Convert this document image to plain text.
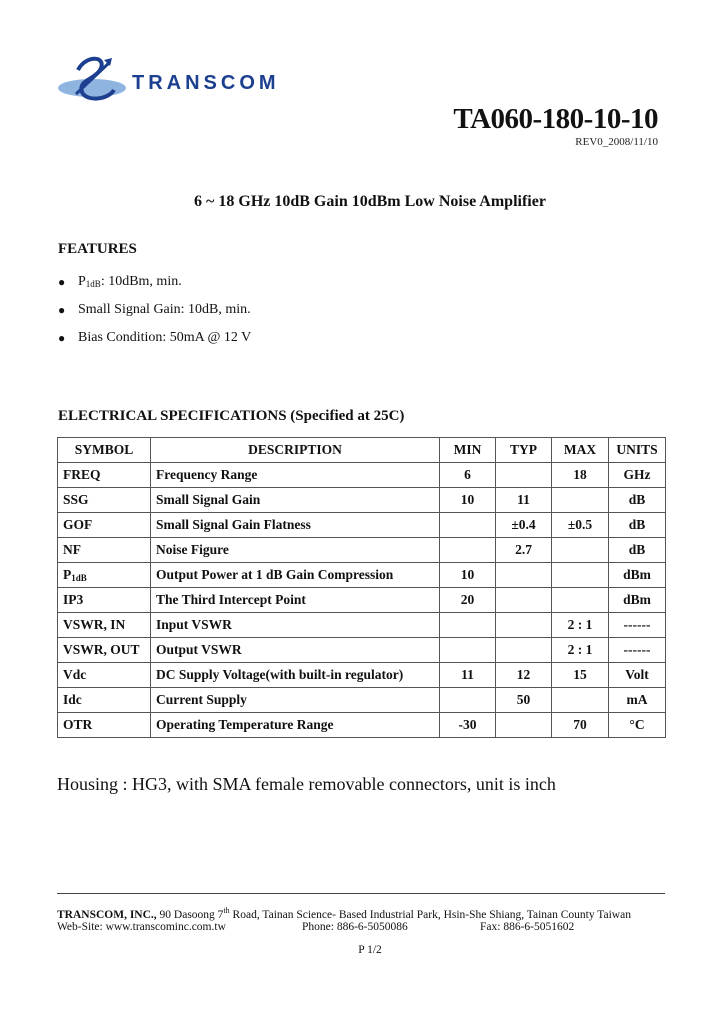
TRANSCOM
TA060-180-10-10
REV0_2008/11/10
6 ~ 18 GHz 10dB Gain 10dBm Low Noise Amplifier
FEATURES
● $P_{1dB}$: 10dBm, min.
● Small Signal Gain: 10dB, min.
● Bias Condition: 50mA @ 12 V
ELECTRICAL SPECIFICATIONS (Specified at 25C)
SYMBOL	DESCRIPTION	MIN	TYP	MAX	UNITS
FREQ	Frequency Range	6		18	GHz
SSG	Small Signal Gain	10	11		dB
GOF	Small Signal Gain Flatness		±0.4	±0.5	dB
NF	Noise Figure		2.7		dB
$P_{1dB}$	Output Power at 1 dB Gain Compression	10			dBm
IP3	The Third Intercept Point	20			dBm
VSWR, IN	Input VSWR			2 : 1	------
VSWR, OUT	Output VSWR			2 : 1	------
Vdc	DC Supply Voltage(with built-in regulator)	11	12	15	Volt
Idc	Current Supply		50		mA
OTR	Operating Temperature Range	-30		70	°C
Housing : HG3, with SMA female removable connectors, unit is inch
TRANSCOM, INC., 90 Dasoong 7th Road, Tainan Science- Based Industrial Park, Hsin-She Shiang, Tainan County Taiwan
Web-Site: www.transcominc.com.tw	Phone: 886-6-5050086	Fax: 886-6-5051602
P 1/2
